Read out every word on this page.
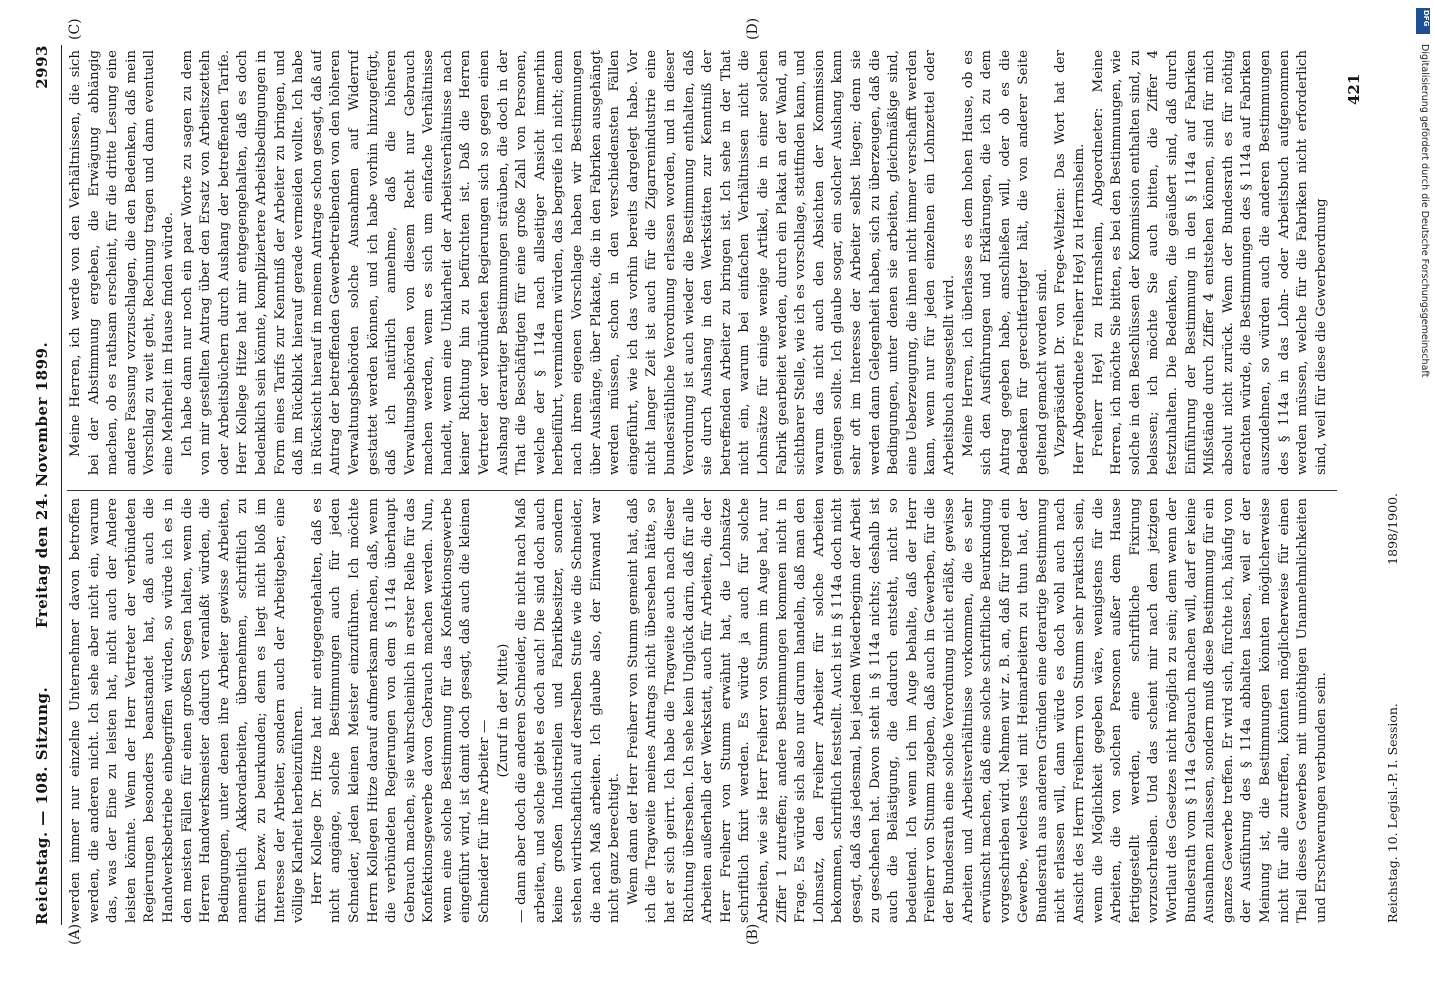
Reichstag. — 108. Sitzung.
Freitag den 24. November 1899.
2993
(A)	(B)
(C)	(D)

werden immer nur einzelne Unternehmer davon betroffen werden, die anderen nicht. Ich sehe aber nicht ein, warum das, was der Eine zu leisten hat, nicht auch der Andere leisten könnte. Wenn der Herr Vertreter der verbündeten Regierungen besonders beanstandet hat, daß auch die Handwerksbetriebe einbegriffen würden, so würde ich es in den meisten Fällen für einen großen Segen halten, wenn die Herren Handwerksmeister dadurch veranlaßt würden, die Bedingungen, unter denen ihre Arbeiter gewisse Arbeiten, namentlich Akkordarbeiten, übernehmen, schriftlich zu fixiren bezw. zu beurkunden; denn es liegt nicht bloß im Interesse der Arbeiter, sondern auch der Arbeitgeber, eine völlige Klarheit herbeizuführen. Herr Kollege Dr. Hitze hat mir entgegengehalten, daß es nicht angänge, solche Bestimmungen auch für jeden Schneider, jeden kleinen Meister einzuführen. Ich möchte Herrn Kollegen Hitze darauf aufmerksam machen, daß, wenn die verbündeten Regierungen von dem § 114a überhaupt Gebrauch machen, sie wahrscheinlich in erster Reihe für das Konfektionsgewerbe davon Gebrauch machen werden. Nun, wenn eine solche Bestimmung für das Konfektionsgewerbe eingeführt wird, ist damit doch gesagt, daß auch die kleinen Schneider für ihre Arbeiter —

(Zuruf in der Mitte) — dann aber doch die anderen Schneider, die nicht nach Maß arbeiten, und solche giebt es doch auch! Die sind doch auch keine großen Industriellen und Fabrikbesitzer, sondern stehen wirthschaftlich auf derselben Stufe wie die Schneider, die nach Maß arbeiten. Ich glaube also, der Einwand war nicht ganz berechtigt. Wenn dann der Herr Freiherr von Stumm gemeint hat, daß ich die Tragweite meines Antrags nicht übersehen hätte, so hat er sich geirrt. Ich habe die Tragweite auch nach dieser Richtung übersehen. Ich sehe kein Unglück darin, daß für alle Arbeiten außerhalb der Werkstatt, auch für Arbeiten, die der Herr Freiherr von Stumm erwähnt hat, die Lohnsätze schriftlich fixirt werden. Es würde ja auch für solche Arbeiten, wie sie Herr Freiherr von Stumm im Auge hat, nur Ziffer 1 zutreffen; andere Bestimmungen kommen nicht in Frage. Es würde sich also nur darum handeln, daß man den Lohnsatz, den Freiherr Arbeiter für solche Arbeiten bekommen, schriftlich feststellt. Auch ist in § 114a doch nicht gesagt, daß das jedesmal, bei jedem Wiederbeginn der Arbeit zu geschehen hat. Davon steht in § 114a nichts; deshalb ist auch die Belästigung, die dadurch entsteht, nicht so bedeutend. Ich wenn ich im Auge behalte, daß der Herr Freiherr von Stumm zugeben, daß auch in Gewerben, für die der Bundesrath eine solche Verordnung nicht erläßt, gewisse Arbeiten und Arbeitsverhältnisse vorkommen, die es sehr erwünscht machen, daß eine solche schriftliche Beurkundung vorgeschrieben wird. Nehmen wir z. B. an, daß für irgend ein Gewerbe, welches viel mit Heimarbeitern zu thun hat, der Bundesrath aus anderen Gründen eine derartige Bestimmung nicht erlassen will, dann würde es doch wohl auch nach Ansicht des Herrn Freiherrn von Stumm sehr praktisch sein, wenn die Möglichkeit gegeben wäre, wenigstens für die Arbeiten, die von solchen Personen außer dem Hause fertiggestellt werden, eine schriftliche Fixirung vorzuschreiben. Und das scheint mir nach dem jetzigen Wortlaut des Gesetzes nicht möglich zu sein; denn wenn der Bundesrath vom § 114a Gebrauch machen will, darf er keine Ausnahmen zulassen, sondern muß diese Bestimmung für ein ganzes Gewerbe treffen. Er wird sich, fürchte ich, häufig von der Ausführung des § 114a abhalten lassen, weil er der Meinung ist, die Bestimmungen könnten möglicherweise nicht für alle zutreffen, könnten möglicherweise für einen Theil dieses Gewerbes mit unnöthigen Unannehmlichkeiten und Erschwerungen verbunden sein.

Meine Herren, ich werde von den Verhältnissen, die sich bei der Abstimmung ergeben, die Erwägung abhängig machen, ob es rathsam erscheint, für die dritte Lesung eine andere Fassung vorzuschlagen, die den Bedenken, daß mein Vorschlag zu weit geht, Rechnung tragen und dann eventuell eine Mehrheit im Hause finden würde. Ich habe dann nur noch ein paar Worte zu sagen zu dem von mir gestellten Antrag über den Ersatz von Arbeitszetteln oder Arbeitsbüchern durch Aushang der betreffenden Tarife. Herr Kollege Hitze hat mir entgegengehalten, daß es doch bedenklich sein könnte, kompliziertere Arbeitsbedingungen in Form eines Tarifs zur Kenntniß der Arbeiter zu bringen, und daß im Rückblick hierauf gerade vermeiden wollte. Ich habe in Rücksicht hierauf in meinem Antrage schon gesagt, daß auf Antrag der betreffenden Gewerbetreibenden von den höheren Verwaltungsbehörden solche Ausnahmen auf Widerruf gestattet werden können, und ich habe vorhin hinzugefügt, daß ich natürlich annehme, daß die höheren Verwaltungsbehörden von diesem Recht nur Gebrauch machen werden, wenn es sich um einfache Verhältnisse handelt, wenn eine Unklarheit der Arbeitsverhältnisse nach keiner Richtung hin zu befürchten ist. Daß die Herren Vertreter der verbündeten Regierungen sich so gegen einen Aushang derartiger Bestimmungen sträuben, die doch in der That die Beschäftigten für eine große Zahl von Personen, welche der § 114a nach allseitiger Ansicht immerhin herbeiführt, vermindern würden, das begreife ich nicht; denn nach ihrem eigenen Vorschlage haben wir Bestimmungen über Aushänge, über Plakate, die in den Fabriken ausgehängt werden müssen, schon in den verschiedensten Fällen eingeführt, wie ich das vorhin bereits dargelegt habe. Vor nicht langer Zeit ist auch für die Zigarrenindustrie eine bundesräthliche Verordnung erlassen worden, und in dieser Verordnung ist auch wieder die Bestimmung enthalten, daß sie durch Aushang in den Werkstätten zur Kenntniß der betreffenden Arbeiter zu bringen ist. Ich sehe in der That nicht ein, warum bei einfachen Verhältnissen nicht die Lohnsätze für einige wenige Artikel, die in einer solchen Fabrik gearbeitet werden, durch ein Plakat an der Wand, an sichtbarer Stelle, wie ich es vorschlage, stattfinden kann, und warum das nicht auch den Absichten der Kommission genügen sollte. Ich glaube sogar, ein solcher Aushang kann sehr oft im Interesse der Arbeiter selbst liegen; denn sie werden dann Gelegenheit haben, sich zu überzeugen, daß die Bedingungen, unter denen sie arbeiten, gleichmäßige sind, eine Ueberzeugung, die ihnen nicht immer verschafft werden kann, wenn nur für jeden einzelnen ein Lohnzettel oder Arbeitsbuch ausgestellt wird. Meine Herren, ich überlasse es dem hohen Hause, ob es sich den Ausführungen und Erklärungen, die ich zu dem Antrag gegeben habe, anschließen will, oder ob es die Bedenken für gerechtfertigter hält, die von anderer Seite geltend gemacht worden sind. Vizepräsident Dr. von Frege-Weltzien: Das Wort hat der Herr Abgeordnete Freiherr Heyl zu Herrnsheim. Freiherr Heyl zu Herrnsheim, Abgeordneter: Meine Herren, ich möchte Sie bitten, es bei den Bestimmungen, wie solche in den Beschlüssen der Kommission enthalten sind, zu belassen; ich möchte Sie auch bitten, die Ziffer 4 festzuhalten. Die Bedenken, die geäußert sind, daß durch Einführung der Bestimmung in den § 114a auf Fabriken Mißstände durch Ziffer 4 entstehen können, sind für mich absolut nicht zurück. Wenn der Bundesrath es für nöthig erachten würde, die Bestimmungen des § 114a auf Fabriken auszudehnen, so würden auch die anderen Bestimmungen des § 114a in das Lohn- oder Arbeitsbuch aufgenommen werden müssen, welche für die Fabriken nicht erforderlich sind, weil für diese die Gewerbeordnung

421
Reichstag. 10. Legisl.-P. I. Session.
1898/1900.
DFG
Digitalisierung gefördert durch die Deutsche Forschungsgemeinschaft
